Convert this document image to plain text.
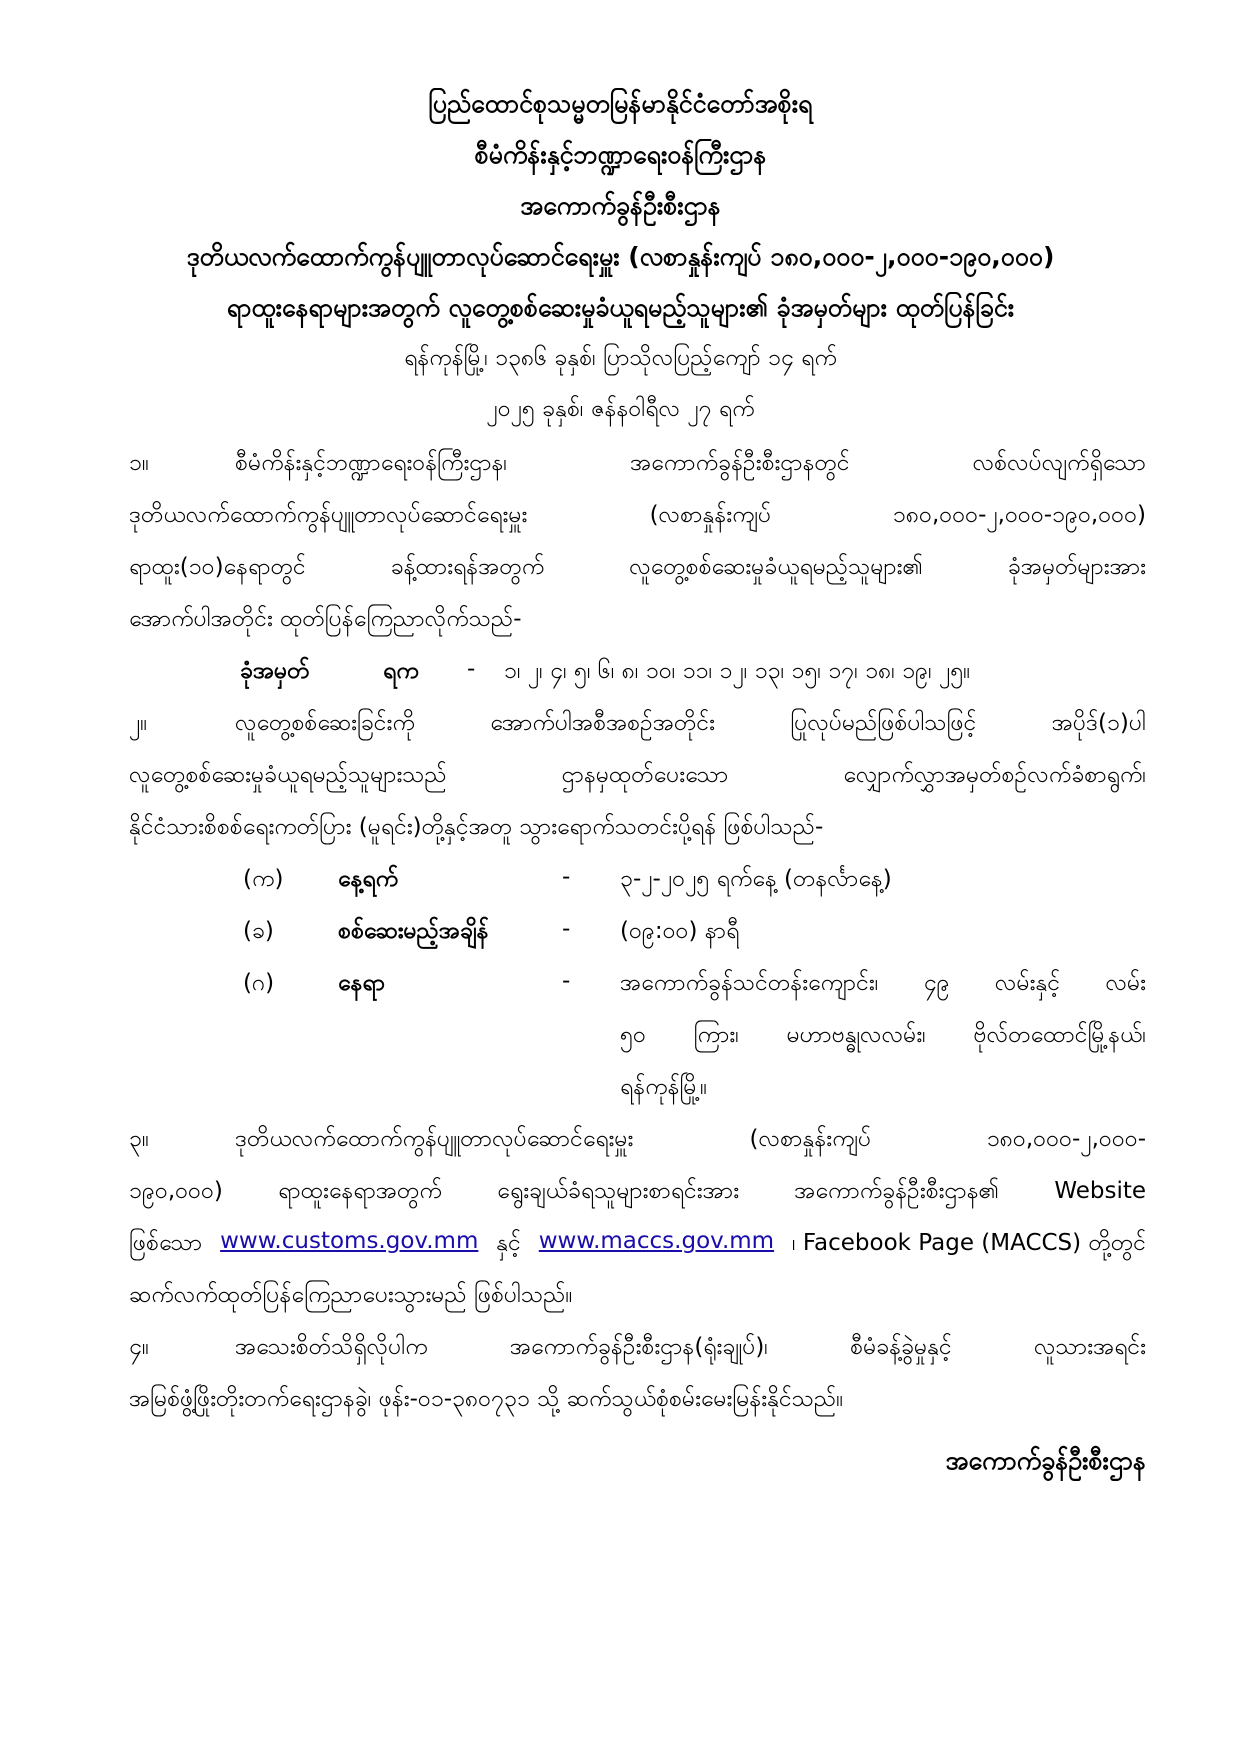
ပြည်ထောင်စုသမ္မတမြန်မာနိုင်ငံတော်အစိုးရ
စီမံကိန်းနှင့်ဘဏ္ဍာရေးဝန်ကြီးဌာန
အကောက်ခွန်ဦးစီးဌာန
ဒုတိယလက်ထောက်ကွန်ပျူတာလုပ်ဆောင်ရေးမှူး (လစာနှုန်းကျပ် ၁၈၀,၀၀၀-၂,၀၀၀-၁၉၀,၀၀၀)
ရာထူးနေရာများအတွက် လူတွေ့စစ်ဆေးမှုခံယူရမည့်သူများ၏ ခုံအမှတ်များ ထုတ်ပြန်ခြင်း
ရန်ကုန်မြို့၊ ၁၃၈၆ ခုနှစ်၊ ပြာသိုလပြည့်ကျော် ၁၄ ရက်
၂၀၂၅ ခုနှစ်၊ ဇန်နဝါရီလ ၂၇ ရက်
၁။	စီမံကိန်းနှင့်ဘဏ္ဍာရေးဝန်ကြီးဌာန၊ အကောက်ခွန်ဦးစီးဌာနတွင် လစ်လပ်လျက်ရှိသော
ဒုတိယလက်ထောက်ကွန်ပျူတာလုပ်ဆောင်ရေးမှူး (လစာနှုန်းကျပ် ၁၈၀,၀၀၀-၂,၀၀၀-၁၉၀,၀၀၀)
ရာထူး(၁၀)နေရာတွင် ခန့်ထားရန်အတွက် လူတွေ့စစ်ဆေးမှုခံယူရမည့်သူများ၏ ခုံအမှတ်များအား
အောက်ပါအတိုင်း ထုတ်ပြန်ကြေညာလိုက်သည်-
ခုံအမှတ်	ရက - ၁၊ ၂၊ ၄၊ ၅၊ ၆၊ ၈၊ ၁၀၊ ၁၁၊ ၁၂၊ ၁၃၊ ၁၅၊ ၁၇၊ ၁၈၊ ၁၉၊ ၂၅။
၂။	လူတွေ့စစ်ဆေးခြင်းကို အောက်ပါအစီအစဉ်အတိုင်း ပြုလုပ်မည်ဖြစ်ပါသဖြင့် အပိုဒ်(၁)ပါ
လူတွေ့စစ်ဆေးမှုခံယူရမည့်သူများသည် ဌာနမှထုတ်ပေးသော လျှောက်လွှာအမှတ်စဉ်လက်ခံစာရွက်၊
နိုင်ငံသားစိစစ်ရေးကတ်ပြား (မူရင်း)တို့နှင့်အတူ သွားရောက်သတင်းပို့ရန် ဖြစ်ပါသည်-
(က) နေ့ရက်	- ၃-၂-၂၀၂၅ ရက်နေ့ (တနင်္လာနေ့)
(ခ)	စစ်ဆေးမည့်အချိန်	- (၀၉:၀၀) နာရီ
(ဂ)	နေရာ	- အကောက်ခွန်သင်တန်းကျောင်း၊ ၄၉ လမ်းနှင့် လမ်း
၅၀ ကြား၊ မဟာဗန္ဓုလလမ်း၊ ဗိုလ်တထောင်မြို့နယ်၊
ရန်ကုန်မြို့။
၃။	ဒုတိယလက်ထောက်ကွန်ပျူတာလုပ်ဆောင်ရေးမှူး (လစာနှုန်းကျပ် ၁၈၀,၀၀၀-၂,၀၀၀-
၁၉၀,၀၀၀) ရာထူးနေရာအတွက် ရွေးချယ်ခံရသူများစာရင်းအား အကောက်ခွန်ဦးစီးဌာန၏ Website
ဖြစ်သော www.customs.gov.mm နှင့် www.maccs.gov.mm ၊ Facebook Page (MACCS) တို့တွင်
ဆက်လက်ထုတ်ပြန်ကြေညာပေးသွားမည် ဖြစ်ပါသည်။
၄။	အသေးစိတ်သိရှိလိုပါက အကောက်ခွန်ဦးစီးဌာန(ရုံးချုပ်)၊ စီမံခန့်ခွဲမှုနှင့် လူသားအရင်း
အမြစ်ဖွံ့ဖြိုးတိုးတက်ရေးဌာနခွဲ၊ ဖုန်း-၀၁-၃၈၀၇၃၁ သို့ ဆက်သွယ်စုံစမ်းမေးမြန်းနိုင်သည်။
အကောက်ခွန်ဦးစီးဌာန
